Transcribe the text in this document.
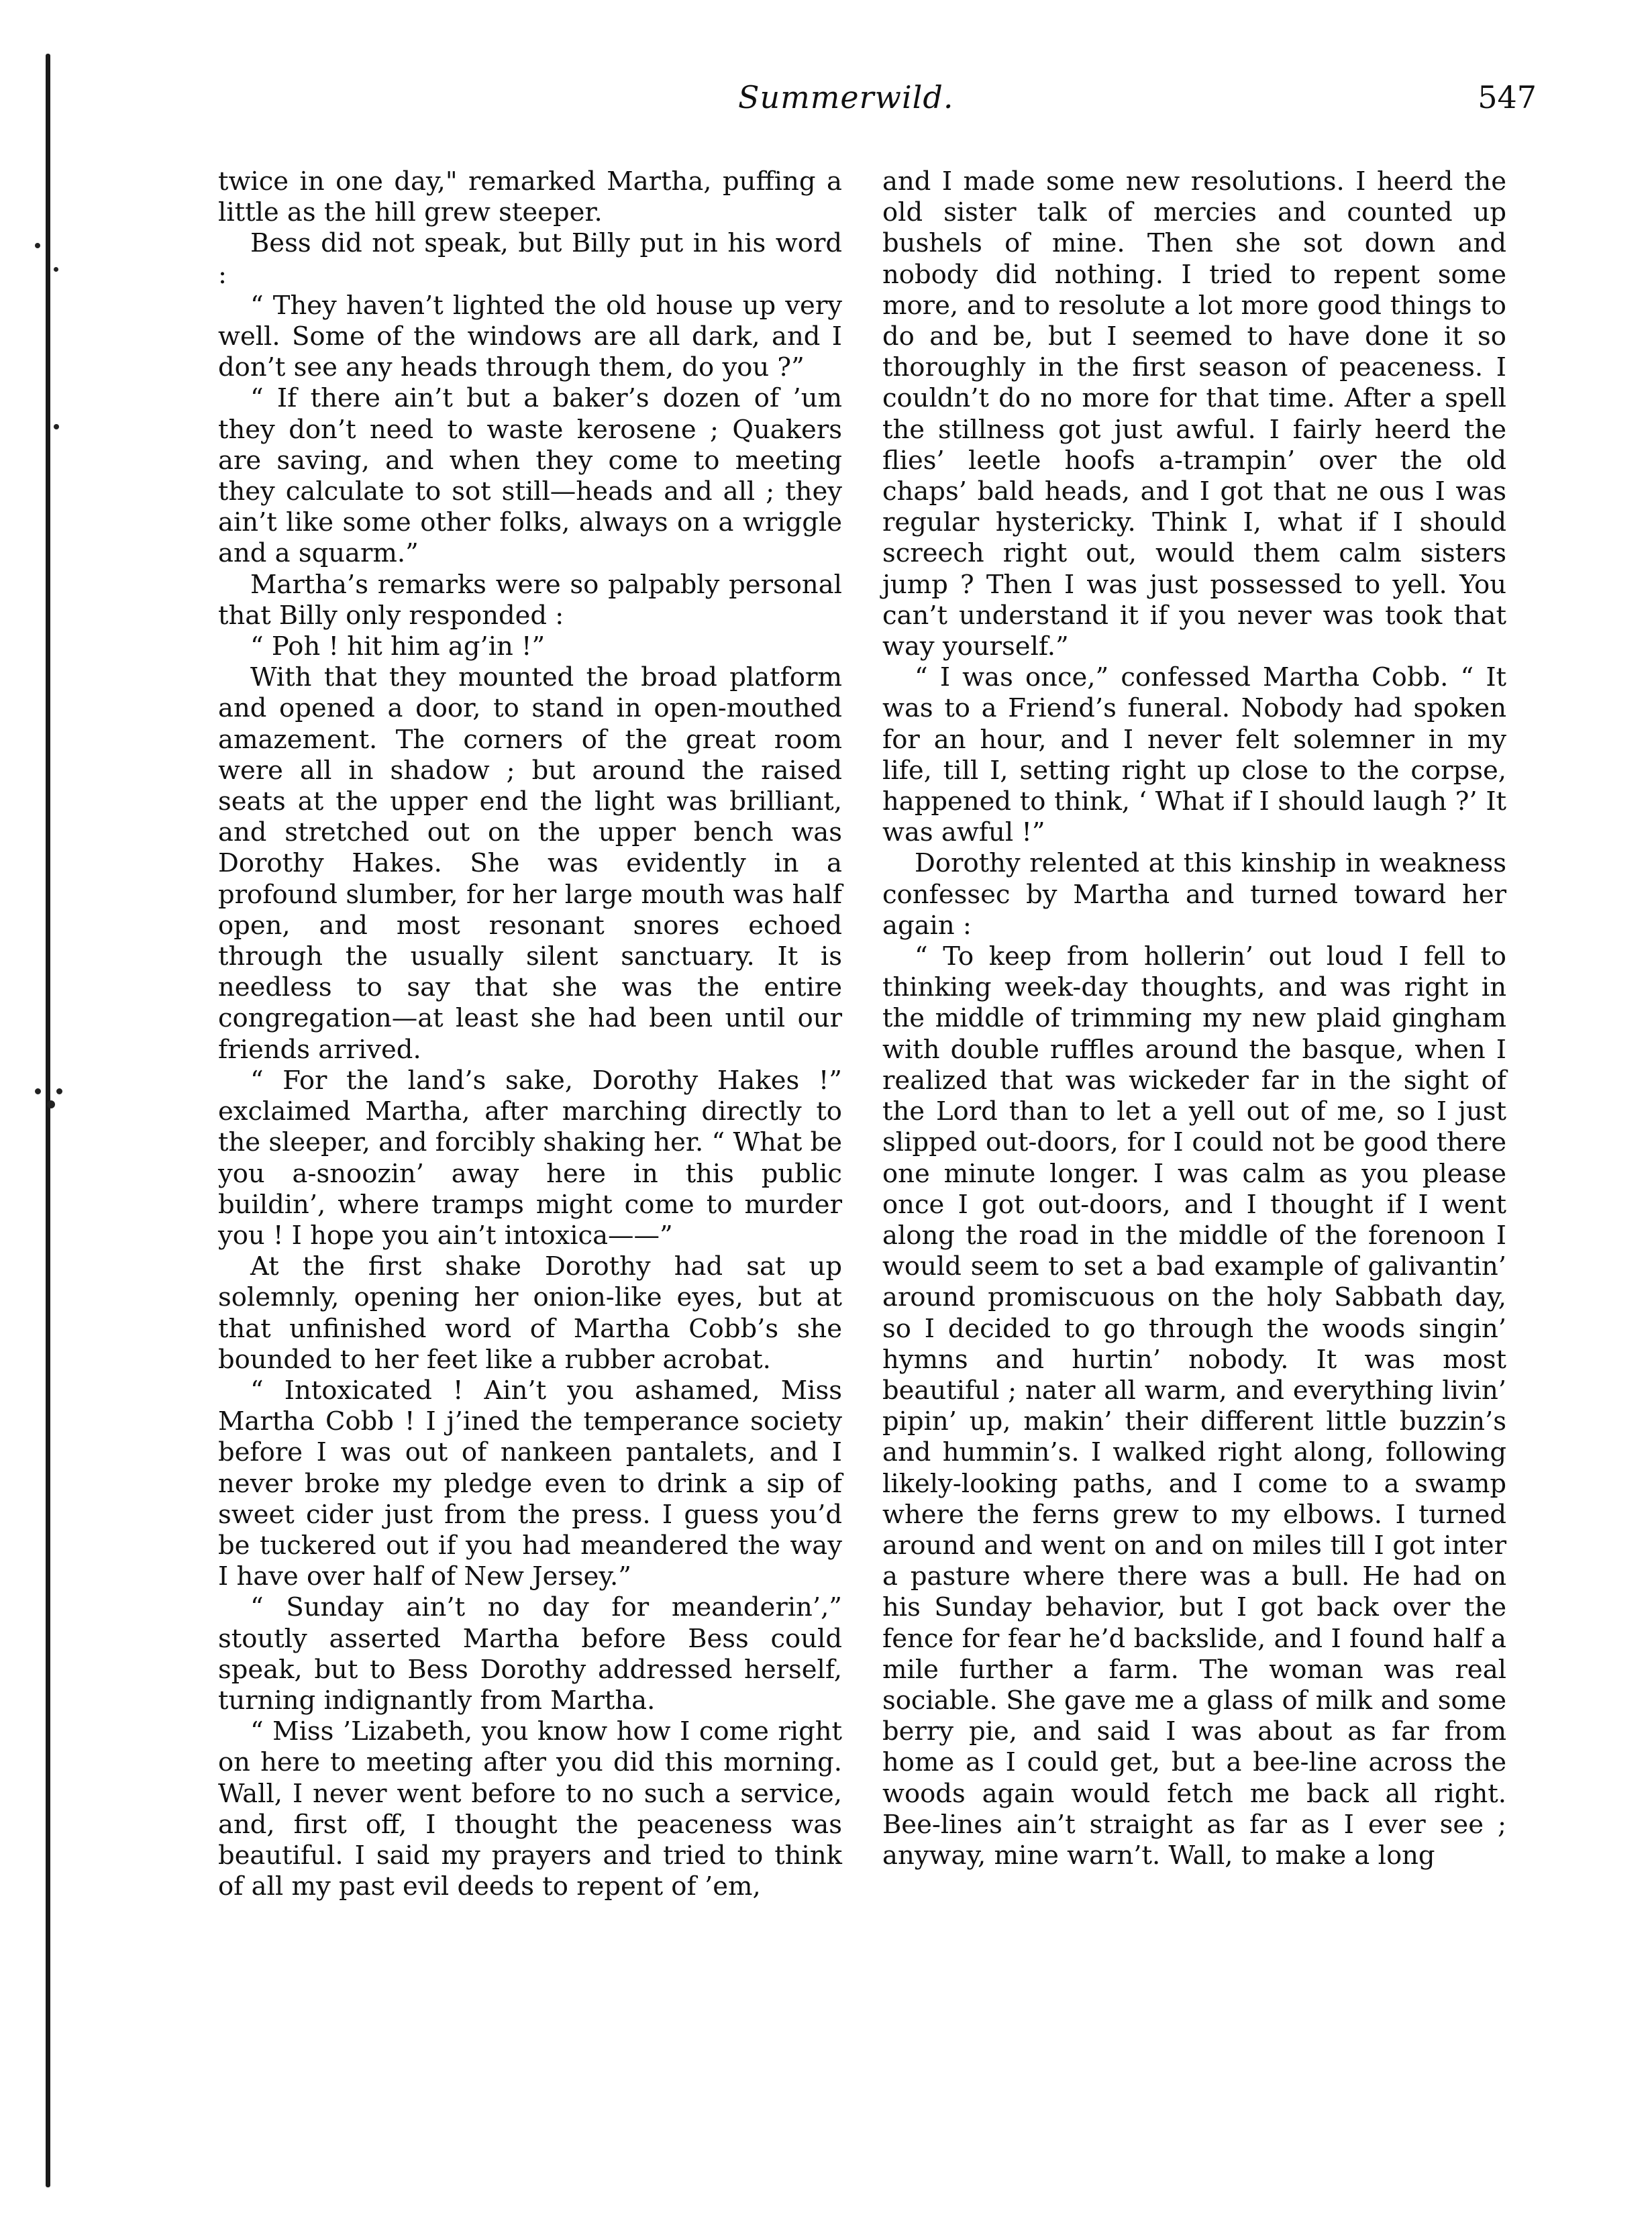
Summerwild.	547

twice in one day," remarked Martha, puffing a little as the hill grew steeper.

Bess did not speak, but Billy put in his word :

“ They haven’t lighted the old house up very well. Some of the windows are all dark, and I don’t see any heads through them, do you ?”

“ If there ain’t but a baker’s dozen of ’um they don’t need to waste kerosene ; Quakers are saving, and when they come to meeting they calculate to sot still—heads and all ; they ain’t like some other folks, always on a wriggle and a squarm.”

Martha’s remarks were so palpably personal that Billy only responded :

“ Poh ! hit him ag’in !”

With that they mounted the broad platform and opened a door, to stand in open-mouthed amazement. The corners of the great room were all in shadow ; but around the raised seats at the upper end the light was brilliant, and stretched out on the upper bench was Dorothy Hakes. She was evidently in a profound slumber, for her large mouth was half open, and most resonant snores echoed through the usually silent sanctuary. It is needless to say that she was the entire congregation—at least she had been until our friends arrived.

“ For the land’s sake, Dorothy Hakes !” exclaimed Martha, after marching directly to the sleeper, and forcibly shaking her. “ What be you a-snoozin’ away here in this public buildin’, where tramps might come to murder you ! I hope you ain’t intoxica——”

At the first shake Dorothy had sat up solemnly, opening her onion-like eyes, but at that unfinished word of Martha Cobb’s she bounded to her feet like a rubber acrobat.

“ Intoxicated ! Ain’t you ashamed, Miss Martha Cobb ! I j’ined the temperance society before I was out of nankeen pantalets, and I never broke my pledge even to drink a sip of sweet cider just from the press. I guess you’d be tuckered out if you had meandered the way I have over half of New Jersey.”

“ Sunday ain’t no day for meanderin’,” stoutly asserted Martha before Bess could speak, but to Bess Dorothy addressed herself, turning indignantly from Martha.

“ Miss ’Lizabeth, you know how I come right on here to meeting after you did this morning. Wall, I never went before to no such a service, and, first off, I thought the peaceness was beautiful. I said my prayers and tried to think of all my past evil deeds to repent of ’em,

and I made some new resolutions. I heerd the old sister talk of mercies and counted up bushels of mine. Then she sot down and nobody did nothing. I tried to repent some more, and to resolute a lot more good things to do and be, but I seemed to have done it so thoroughly in the first season of peaceness. I couldn’t do no more for that time. After a spell the stillness got just awful. I fairly heerd the flies’ leetle hoofs a-trampin’ over the old chaps’ bald heads, and I got that ne ous I was regular hystericky. Think I, what if I should screech right out, would them calm sisters jump ? Then I was just possessed to yell. You can’t understand it if you never was took that way yourself.”

“ I was once,” confessed Martha Cobb. “ It was to a Friend’s funeral. Nobody had spoken for an hour, and I never felt solemner in my life, till I, setting right up close to the corpse, happened to think, ‘ What if I should laugh ?’ It was awful !”

Dorothy relented at this kinship in weakness confessec by Martha and turned toward her again :

“ To keep from hollerin’ out loud I fell to thinking week-day thoughts, and was right in the middle of trimming my new plaid gingham with double ruffles around the basque, when I realized that was wickeder far in the sight of the Lord than to let a yell out of me, so I just slipped out-doors, for I could not be good there one minute longer. I was calm as you please once I got out-doors, and I thought if I went along the road in the middle of the forenoon I would seem to set a bad example of galivantin’ around promiscuous on the holy Sabbath day, so I decided to go through the woods singin’ hymns and hurtin’ nobody. It was most beautiful ; nater all warm, and everything livin’ pipin’ up, makin’ their different little buzzin’s and hummin’s. I walked right along, following likely-looking paths, and I come to a swamp where the ferns grew to my elbows. I turned around and went on and on miles till I got inter a pasture where there was a bull. He had on his Sunday behavior, but I got back over the fence for fear he’d backslide, and I found half a mile further a farm. The woman was real sociable. She gave me a glass of milk and some berry pie, and said I was about as far from home as I could get, but a bee-line across the woods again would fetch me back all right. Bee-lines ain’t straight as far as I ever see ; anyway, mine warn’t. Wall, to make a long
